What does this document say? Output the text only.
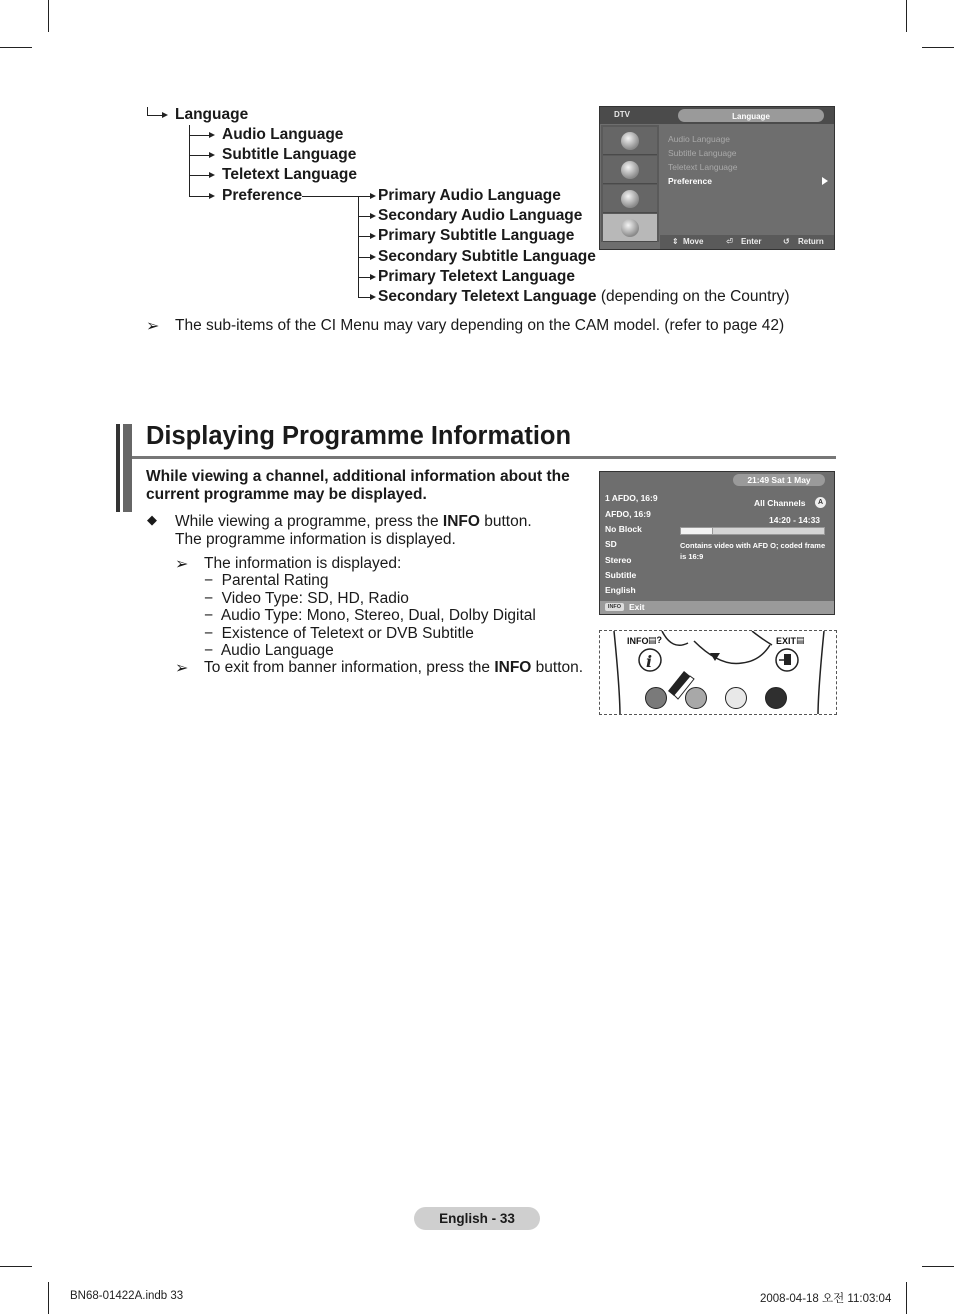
Language
Audio Language
Subtitle Language
Teletext Language
Preference	Primary Audio Language
Secondary Audio Language
Primary Subtitle Language
Secondary Subtitle Language
Primary Teletext Language
Secondary Teletext Language (depending on the Country)
DTV	Language
Audio Language
Subtitle Language
Teletext Language
Preference
⇕ Move	⏎ Enter	↺ Return
➢ The sub-items of the CI Menu may vary depending on the CAM model. (refer to page 42)
Displaying Programme Information
While viewing a channel, additional information about the
current programme may be displayed.
◆ While viewing a programme, press the INFO button.
The programme information is displayed.
➢ The information is displayed:
−  Parental Rating
−  Video Type: SD, HD, Radio
−  Audio Type: Mono, Stereo, Dual, Dolby Digital
−  Existence of Teletext or DVB Subtitle
−  Audio Language
➢ To exit from banner information, press the INFO button.
21:49 Sat 1 May
1 AFDO, 16:9
AFDO, 16:9
No Block
SD
Stereo
Subtitle
English
All Channels	A
14:20 - 14:33
Contains video with AFD O; coded frame is 16:9
INFO Exit
i
INFO ▤?	EXIT ▤
English - 33
BN68-01422A.indb 33	2008-04-18 오전 11:03:04
